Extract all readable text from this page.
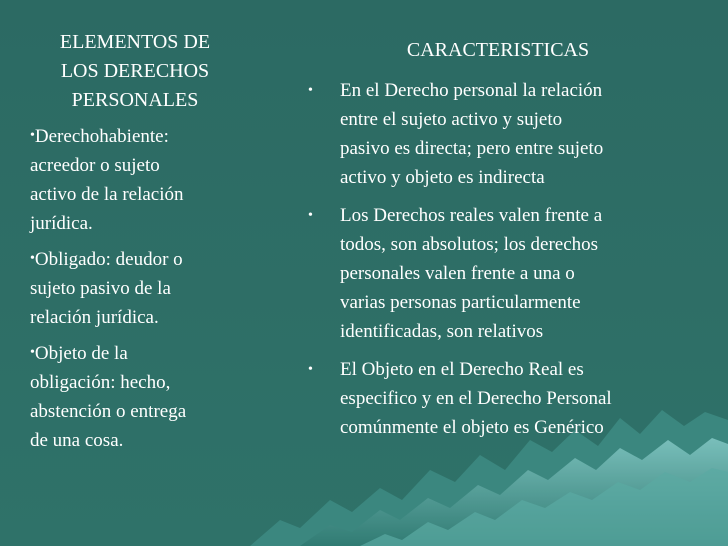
ELEMENTOS DE
LOS DERECHOS
PERSONALES
•Derechohabiente:
acreedor o sujeto
activo de la relación
jurídica.
•Obligado: deudor o
sujeto pasivo de la
relación jurídica.
•Objeto de la
obligación: hecho,
abstención o entrega
de una cosa.
CARACTERISTICAS
•	En el Derecho personal la relación
entre el sujeto activo y sujeto
pasivo es directa; pero entre sujeto
activo y objeto es indirecta
•	Los Derechos reales valen frente a
todos, son absolutos; los derechos
personales valen frente a una o
varias personas particularmente
identificadas, son relativos
•	El Objeto en el Derecho Real es
especifico y en el Derecho Personal
comúnmente el objeto es Genérico
